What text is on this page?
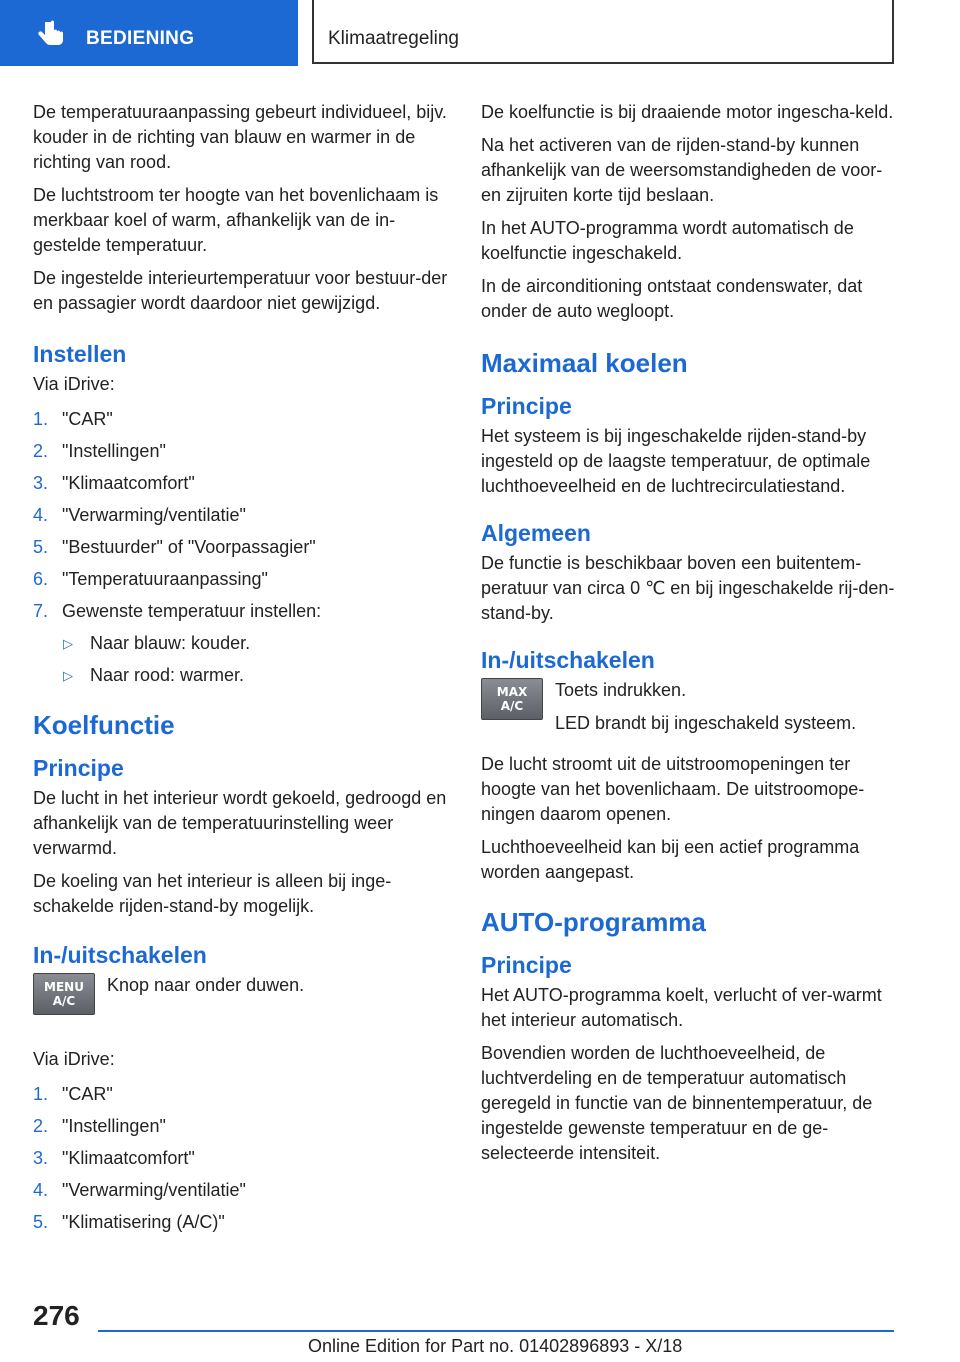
BEDIENING	Klimaatregeling

De temperatuuraanpassing gebeurt individueel, bijv. kouder in de richting van blauw en warmer in de richting van rood.

De luchtstroom ter hoogte van het bovenlichaam is merkbaar koel of warm, afhankelijk van de in-gestelde temperatuur.

De ingestelde interieurtemperatuur voor bestuur-der en passagier wordt daardoor niet gewijzigd.

Instellen

Via iDrive:

1. "CAR"
2. "Instellingen"
3. "Klimaatcomfort"
4. "Verwarming/ventilatie"
5. "Bestuurder" of "Voorpassagier"
6. "Temperatuuraanpassing"
7. Gewenste temperatuur instellen:
▷ Naar blauw: kouder.
▷ Naar rood: warmer.
Koelfunctie
Principe

De lucht in het interieur wordt gekoeld, gedroogd en afhankelijk van de temperatuurinstelling weer verwarmd.

De koeling van het interieur is alleen bij inge-schakelde rijden-stand-by mogelijk.

In-/uitschakelen
MENU
A/C

Knop naar onder duwen.

Via iDrive:

1. "CAR"
2. "Instellingen"
3. "Klimaatcomfort"
4. "Verwarming/ventilatie"
5. "Klimatisering (A/C)"

De koelfunctie is bij draaiende motor ingescha-keld.

Na het activeren van de rijden-stand-by kunnen afhankelijk van de weersomstandigheden de voor- en zijruiten korte tijd beslaan.

In het AUTO-programma wordt automatisch de koelfunctie ingeschakeld.

In de airconditioning ontstaat condenswater, dat onder de auto wegloopt.

Maximaal koelen
Principe

Het systeem is bij ingeschakelde rijden-stand-by ingesteld op de laagste temperatuur, de optimale luchthoeveelheid en de luchtrecirculatiestand.

Algemeen

De functie is beschikbaar boven een buitentem-peratuur van circa 0 ℃ en bij ingeschakelde rij-den-stand-by.

In-/uitschakelen
MAX
A/C

Toets indrukken.

LED brandt bij ingeschakeld systeem.

De lucht stroomt uit de uitstroomopeningen ter hoogte van het bovenlichaam. De uitstroomope-ningen daarom openen.

Luchthoeveelheid kan bij een actief programma worden aangepast.

AUTO-programma
Principe

Het AUTO-programma koelt, verlucht of ver-warmt het interieur automatisch.

Bovendien worden de luchthoeveelheid, de luchtverdeling en de temperatuur automatisch geregeld in functie van de binnentemperatuur, de ingestelde gewenste temperatuur en de ge-selecteerde intensiteit.

276
Online Edition for Part no. 01402896893 - X/18
